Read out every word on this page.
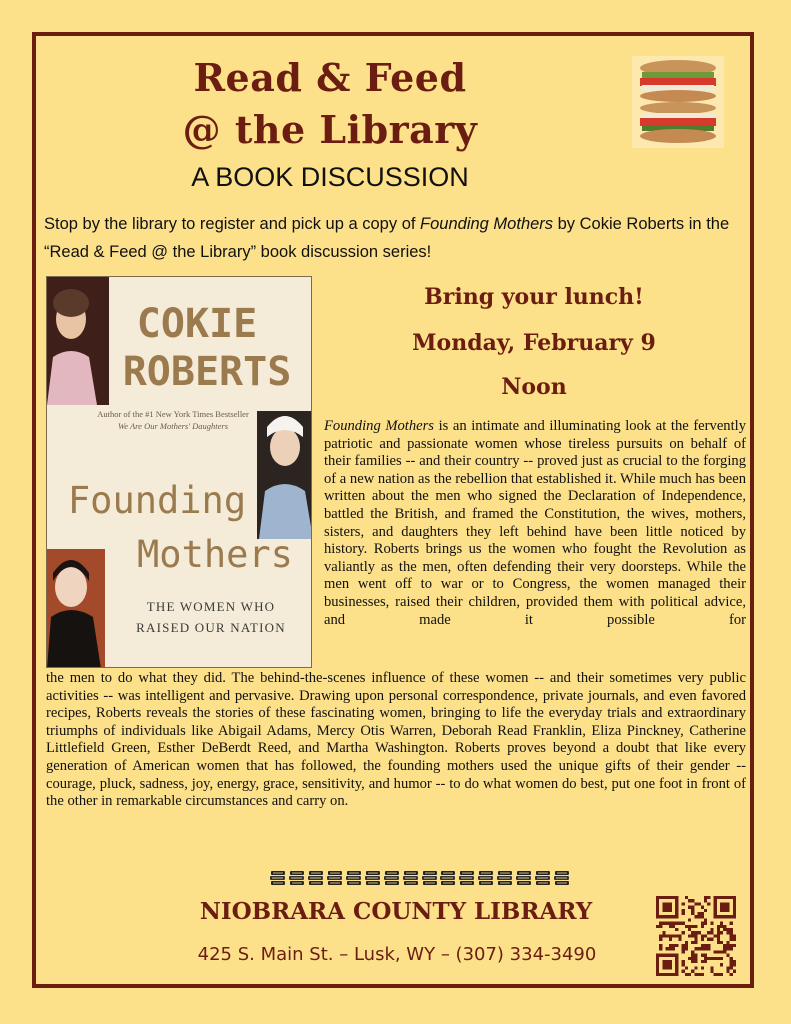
Read & Feed
@ the Library
A BOOK DISCUSSION
Stop by the library to register and pick up a copy of Founding Mothers by Cokie Roberts in the “Read & Feed @ the Library” book discussion series!
COKIE
ROBERTS
Author of the #1 New York Times Bestseller
We Are Our Mothers' Daughters
Founding
Mothers
THE WOMEN WHO
RAISED OUR NATION
Bring your lunch!
Monday, February 9
Noon
Founding Mothers is an intimate and illuminating look at the fervently patriotic and passionate women whose tireless pursuits on behalf of their families -- and their country -- proved just as crucial to the forging of a new nation as the rebellion that established it. While much has been written about the men who signed the Declaration of Independence, battled the British, and framed the Constitution, the wives, mothers, sisters, and daughters they left behind have been little noticed by history. Roberts brings us the women who fought the Revolution as valiantly as the men, often defending their very doorsteps. While the men went off to war or to Congress, the women managed their businesses, raised their children, provided them with political advice, and made it possible for
the men to do what they did. The behind-the-scenes influence of these women -- and their sometimes very public activities -- was intelligent and pervasive. Drawing upon personal correspondence, private journals, and even favored recipes, Roberts reveals the stories of these fascinating women, bringing to life the everyday trials and extraordinary triumphs of individuals like Abigail Adams, Mercy Otis Warren, Deborah Read Franklin, Eliza Pinckney, Catherine Littlefield Green, Esther DeBerdt Reed, and Martha Washington. Roberts proves beyond a doubt that like every generation of American women that has followed, the founding mothers used the unique gifts of their gender -- courage, pluck, sadness, joy, energy, grace, sensitivity, and humor -- to do what women do best, put one foot in front of the other in remarkable circumstances and carry on.
NIOBRARA COUNTY LIBRARY
425 S. Main St. – Lusk, WY – (307) 334-3490
